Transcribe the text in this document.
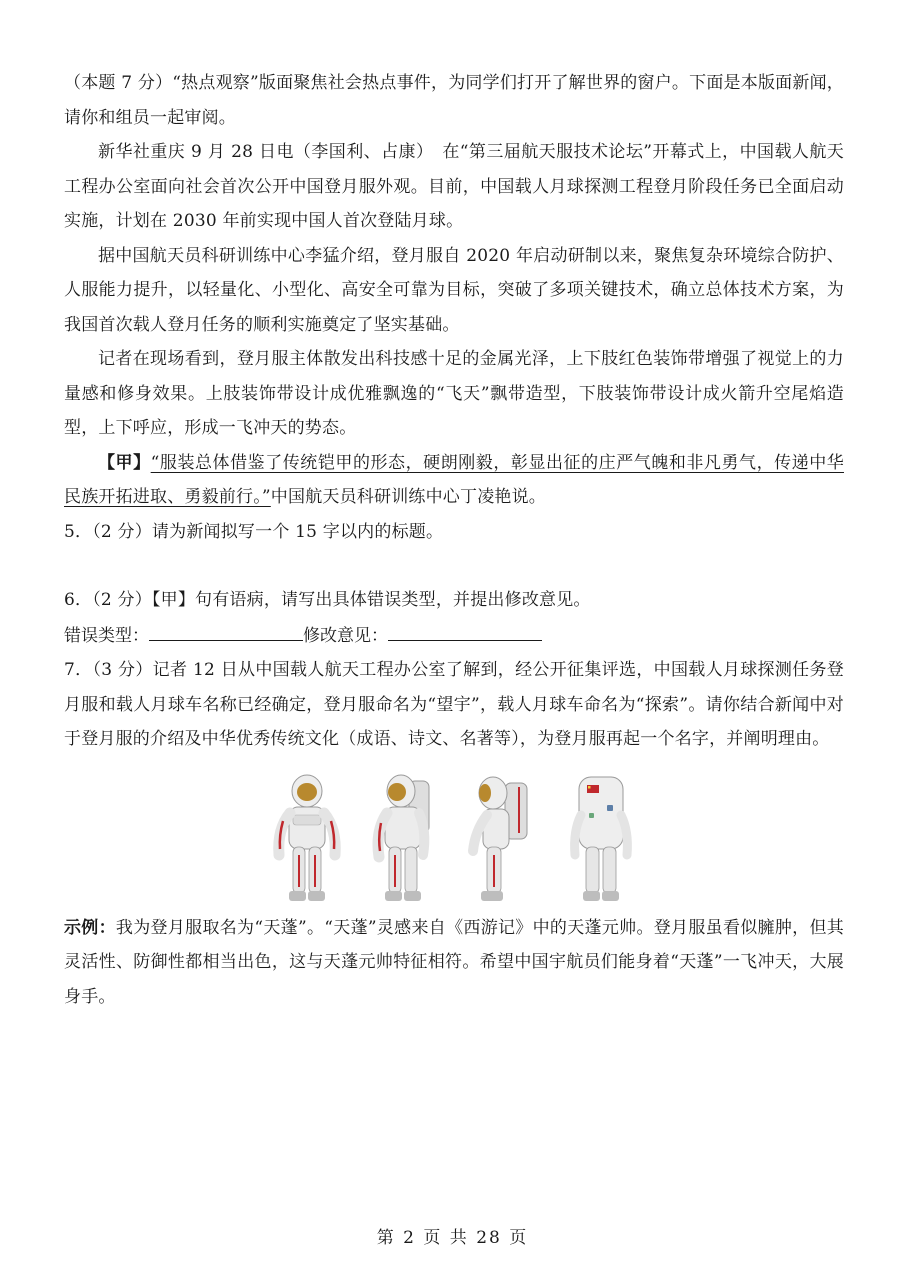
（本题 7 分）“热点观察”版面聚焦社会热点事件，为同学们打开了解世界的窗户。下面是本版面新闻，请你和组员一起审阅。

新华社重庆 9 月 28 日电（李国利、占康）　在“第三届航天服技术论坛”开幕式上，中国载人航天工程办公室面向社会首次公开中国登月服外观。目前，中国载人月球探测工程登月阶段任务已全面启动实施，计划在 2030 年前实现中国人首次登陆月球。

据中国航天员科研训练中心李猛介绍，登月服自 2020 年启动研制以来，聚焦复杂环境综合防护、人服能力提升，以轻量化、小型化、高安全可靠为目标，突破了多项关键技术，确立总体技术方案，为我国首次载人登月任务的顺利实施奠定了坚实基础。

记者在现场看到，登月服主体散发出科技感十足的金属光泽，上下肢红色装饰带增强了视觉上的力量感和修身效果。上肢装饰带设计成优雅飘逸的“飞天”飘带造型，下肢装饰带设计成火箭升空尾焰造型，上下呼应，形成一飞冲天的势态。

【甲】“服装总体借鉴了传统铠甲的形态，硬朗刚毅，彰显出征的庄严气魄和非凡勇气，传递中华民族开拓进取、勇毅前行。”中国航天员科研训练中心丁凌艳说。

5．（2 分）请为新闻拟写一个 15 字以内的标题。

6．（2 分）【甲】句有语病，请写出具体错误类型，并提出修改意见。

错误类型：	修改意见：

7．（3 分）记者 12 日从中国载人航天工程办公室了解到，经公开征集评选，中国载人月球探测任务登月服和载人月球车名称已经确定，登月服命名为“望宇”，载人月球车命名为“探索”。请你结合新闻中对于登月服的介绍及中华优秀传统文化（成语、诗文、名著等），为登月服再起一个名字，并阐明理由。

示例：我为登月服取名为“天蓬”。“天蓬”灵感来自《西游记》中的天蓬元帅。登月服虽看似臃肿，但其灵活性、防御性都相当出色，这与天蓬元帅特征相符。希望中国宇航员们能身着“天蓬”一飞冲天，大展身手。

第 2 页 共 28 页
